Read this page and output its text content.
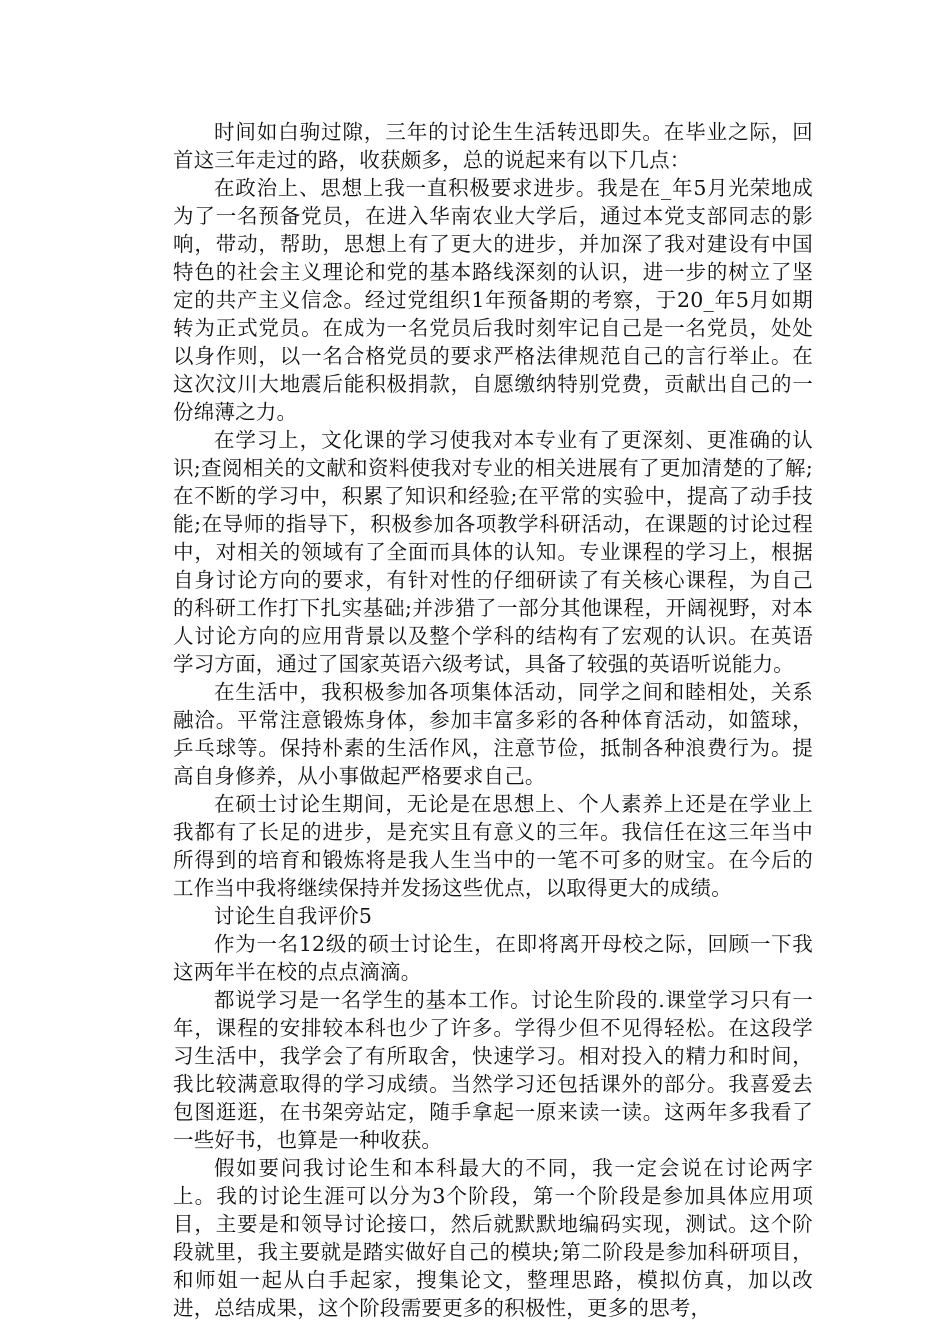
时间如白驹过隙，三年的讨论生生活转迅即失。在毕业之际，回首这三年走过的路，收获颇多，总的说起来有以下几点：

在政治上、思想上我一直积极要求进步。我是在_年5月光荣地成为了一名预备党员，在进入华南农业大学后，通过本党支部同志的影响，带动，帮助，思想上有了更大的进步，并加深了我对建设有中国特色的社会主义理论和党的基本路线深刻的认识，进一步的树立了坚定的共产主义信念。经过党组织1年预备期的考察，于20_年5月如期转为正式党员。在成为一名党员后我时刻牢记自己是一名党员，处处以身作则，以一名合格党员的要求严格法律规范自己的言行举止。在这次汶川大地震后能积极捐款，自愿缴纳特别党费，贡献出自己的一份绵薄之力。

在学习上，文化课的学习使我对本专业有了更深刻、更准确的认识;查阅相关的文献和资料使我对专业的相关进展有了更加清楚的了解;在不断的学习中，积累了知识和经验;在平常的实验中，提高了动手技能;在导师的指导下，积极参加各项教学科研活动，在课题的讨论过程中，对相关的领域有了全面而具体的认知。专业课程的学习上，根据自身讨论方向的要求，有针对性的仔细研读了有关核心课程，为自己的科研工作打下扎实基础;并涉猎了一部分其他课程，开阔视野，对本人讨论方向的应用背景以及整个学科的结构有了宏观的认识。在英语学习方面，通过了国家英语六级考试，具备了较强的英语听说能力。

在生活中，我积极参加各项集体活动，同学之间和睦相处，关系融洽。平常注意锻炼身体，参加丰富多彩的各种体育活动，如篮球，乒乓球等。保持朴素的生活作风，注意节俭，抵制各种浪费行为。提高自身修养，从小事做起严格要求自己。

在硕士讨论生期间，无论是在思想上、个人素养上还是在学业上我都有了长足的进步，是充实且有意义的三年。我信任在这三年当中所得到的培育和锻炼将是我人生当中的一笔不可多的财宝。在今后的工作当中我将继续保持并发扬这些优点，以取得更大的成绩。

讨论生自我评价5

作为一名12级的硕士讨论生，在即将离开母校之际，回顾一下我这两年半在校的点点滴滴。

都说学习是一名学生的基本工作。讨论生阶段的.课堂学习只有一年，课程的安排较本科也少了许多。学得少但不见得轻松。在这段学习生活中，我学会了有所取舍，快速学习。相对投入的精力和时间，我比较满意取得的学习成绩。当然学习还包括课外的部分。我喜爱去包图逛逛，在书架旁站定，随手拿起一原来读一读。这两年多我看了一些好书，也算是一种收获。

假如要问我讨论生和本科最大的不同，我一定会说在讨论两字上。我的讨论生涯可以分为3个阶段，第一个阶段是参加具体应用项目，主要是和领导讨论接口，然后就默默地编码实现，测试。这个阶段就里，我主要就是踏实做好自己的模块;第二阶段是参加科研项目，和师姐一起从白手起家，搜集论文，整理思路，模拟仿真，加以改进，总结成果，这个阶段需要更多的积极性，更多的思考，
